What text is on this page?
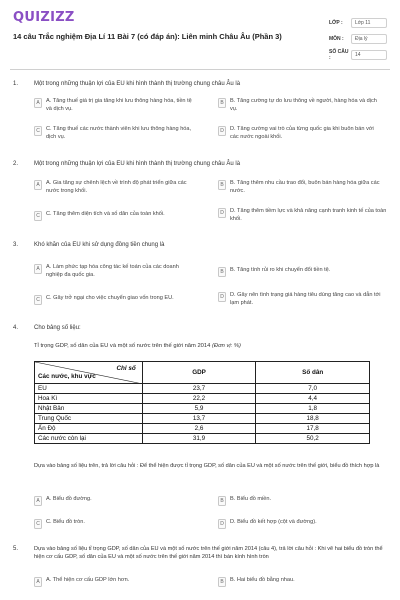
QUIZIZZ
14 câu Trắc nghiệm Địa Lí 11 Bài 7 (có đáp án): Liên minh Châu Âu (Phần 3)
LỚP :	Lớp 11
MÔN :	Địa lý
SỐ CÂU :	14
1.	Một trong những thuận lợi của EU khi hình thành thị trường chung châu Âu là
A	A. Tăng thuế giá trị gia tăng khi lưu thông hàng hóa, tiền tệ và dịch vụ.
B	B. Tăng cường tự do lưu thông về người, hàng hóa và dịch vụ.
C	C. Tăng thuế các nước thành viên khi lưu thông hàng hóa, dịch vụ.
D	D. Tăng cường vai trò của từng quốc gia khi buôn bán với các nước ngoài khối.
2.	Một trong những thuận lợi của EU khi hình thành thị trường chung châu Âu là
A	A. Gia tăng sự chênh lệch về trình độ phát triển giữa các nước trong khối.
B	B. Tăng thêm nhu cầu trao đổi, buôn bán hàng hóa giữa các nước.
C	C. Tăng thêm diện tích và số dân của toàn khối.	D	D. Tăng thêm tiềm lực và khả năng cạnh tranh kinh tế của toàn khối.
3.	Khó khăn của EU khi sử dụng đồng tiền chung là
A	A. Làm phức tạp hóa công tác kế toán của các doanh nghiệp đa quốc gia.	B	B. Tăng tính rủi ro khi chuyển đổi tiền tệ.
C	C. Gây trở ngại cho việc chuyển giao vốn trong EU.	D	D. Gây nên tình trạng giá hàng tiêu dùng tăng cao và dẫn tới lạm phát.
4.	Cho bảng số liệu:
Tỉ trọng GDP, số dân của EU và một số nước trên thế giới năm 2014 (Đơn vị: %)
Chỉ số
Các nước, khu vực	GDP	Số dân
EU	23,7	7,0
Hoa Kì	22,2	4,4
Nhật Bản	5,9	1,8
Trung Quốc	13,7	18,8
Ấn Độ	2,6	17,8
Các nước còn lại	31,9	50,2
Dựa vào bảng số liệu trên, trả lời câu hỏi : Để thể hiện được tỉ trọng GDP, số dân của EU và một số nước trên thế giới, biểu đồ thích hợp là
A	A. Biểu đồ đường.	B	B. Biểu đồ miền.
C	C. Biểu đồ tròn.	D	D. Biểu đồ kết hợp (cột và đường).
5.	Dựa vào bảng số liệu tỉ trọng GDP, số dân của EU và một số nước trên thế giới năm 2014 (câu 4), trả lời câu hỏi : Khi vẽ hai biểu đồ tròn thể hiện cơ cấu GDP, số dân của EU và một số nước trên thế giới năm 2014 thì bán kính hình tròn
A	A. Thể hiện cơ cấu GDP lớn hơn.	B	B. Hai biểu đồ bằng nhau.
